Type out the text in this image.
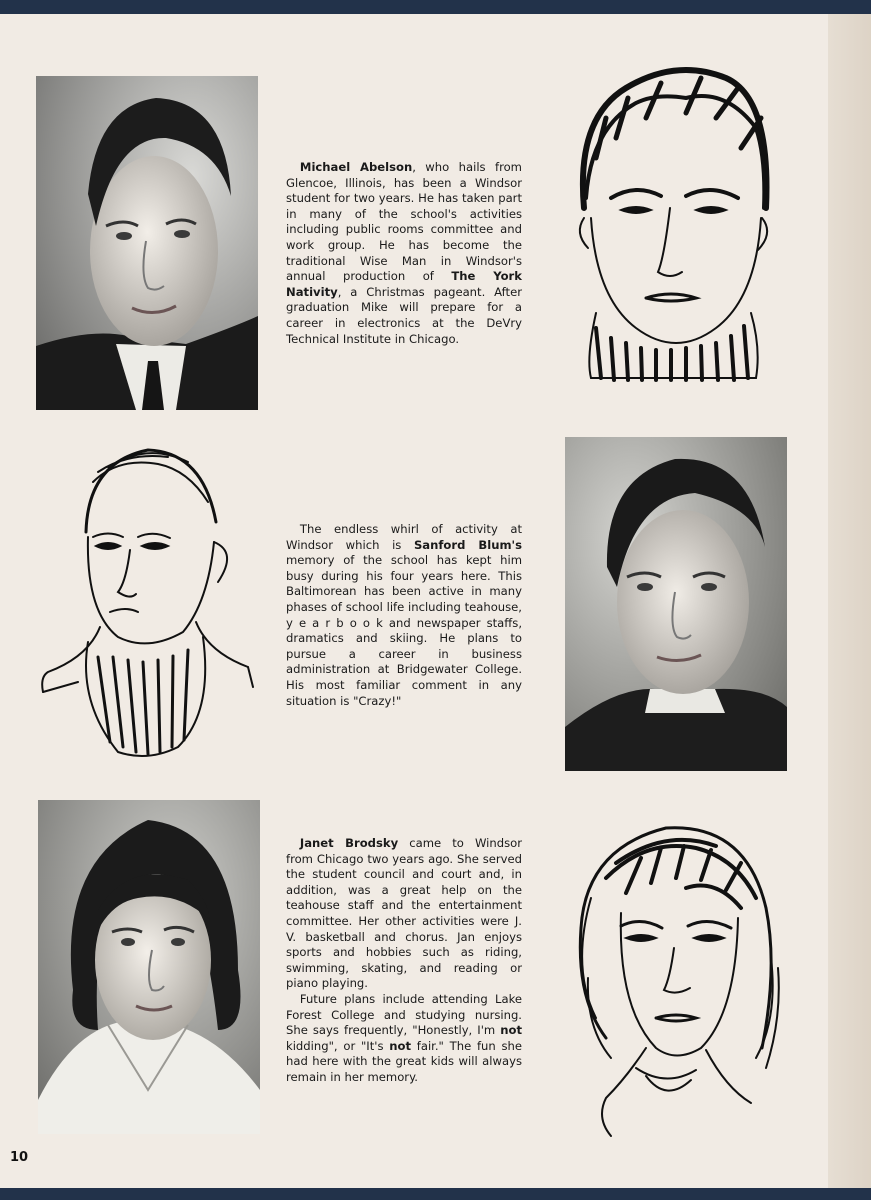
Michael Abelson, who hails from Glencoe, Illinois, has been a Windsor student for two years. He has taken part in many of the school's activities including public rooms committee and work group. He has become the traditional Wise Man in Windsor's annual production of The York Nativity, a Christmas pageant. After graduation Mike will prepare for a career in electronics at the DeVry Technical Institute in Chicago.

The endless whirl of activity at Windsor which is Sanford Blum's memory of the school has kept him busy during his four years here. This Baltimorean has been active in many phases of school life including teahouse, y e a r b o o k and newspaper staffs, dramatics and skiing. He plans to pursue a career in business administration at Bridgewater College. His most familiar comment in any situation is "Crazy!"

Janet Brodsky came to Windsor from Chicago two years ago. She served the student council and court and, in addition, was a great help on the teahouse staff and the entertainment committee. Her other activities were J. V. basketball and chorus. Jan enjoys sports and hobbies such as riding, swimming, skating, and reading or piano playing.

Future plans include attending Lake Forest College and studying nursing. She says frequently, "Honestly, I'm not kidding", or "It's not fair." The fun she had here with the great kids will always remain in her memory.

10
